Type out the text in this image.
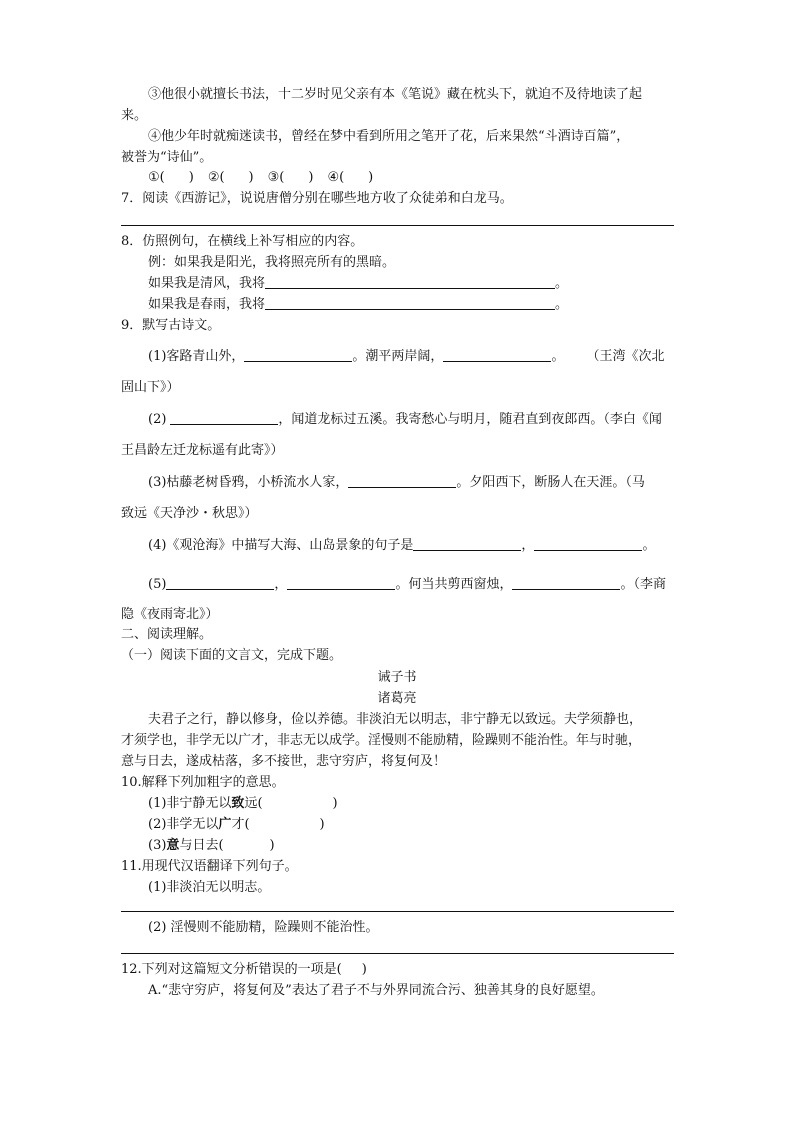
③他很小就擅长书法，十二岁时见父亲有本《笔说》藏在枕头下，就迫不及待地读了起
来。
④他少年时就痴迷读书，曾经在梦中看到所用之笔开了花，后来果然“斗酒诗百篇”，
被誉为“诗仙”。
①( ) ②( ) ③( ) ④( )
7．阅读《西游记》，说说唐僧分别在哪些地方收了众徒弟和白龙马。
8．仿照例句，在横线上补写相应的内容。
例：如果我是阳光，我将照亮所有的黑暗。
如果我是清风，我将	。
如果我是春雨，我将	。
9．默写古诗文。
(1)客路青山外，	。潮平两岸阔，	。 （王湾《次北
固山下》）
(2)	，闻道龙标过五溪。我寄愁心与明月，随君直到夜郎西。（李白《闻
王昌龄左迁龙标遥有此寄》）
(3)枯藤老树昏鸦，小桥流水人家，	。夕阳西下，断肠人在天涯。（马
致远《天净沙・秋思》）
(4)《观沧海》中描写大海、山岛景象的句子是	，	。
(5)	，	。何当共剪西窗烛，	。（李商
隐《夜雨寄北》）
二、阅读理解。
（一）阅读下面的文言文，完成下题。
诫子书
诸葛亮
夫君子之行，静以修身，俭以养德。非淡泊无以明志，非宁静无以致远。夫学须静也，
才须学也，非学无以广才，非志无以成学。淫慢则不能励精，险躁则不能治性。年与时驰，
意与日去，遂成枯落，多不接世，悲守穷庐，将复何及！
10.解释下列加粗字的意思。
(1)非宁静无以致远(	)
(2)非学无以广才(	)
(3)意与日去(	)
11.用现代汉语翻译下列句子。
(1)非淡泊无以明志。
(2) 淫慢则不能励精，险躁则不能治性。
12.下列对这篇短文分析错误的一项是( )
A.“悲守穷庐，将复何及”表达了君子不与外界同流合污、独善其身的良好愿望。
